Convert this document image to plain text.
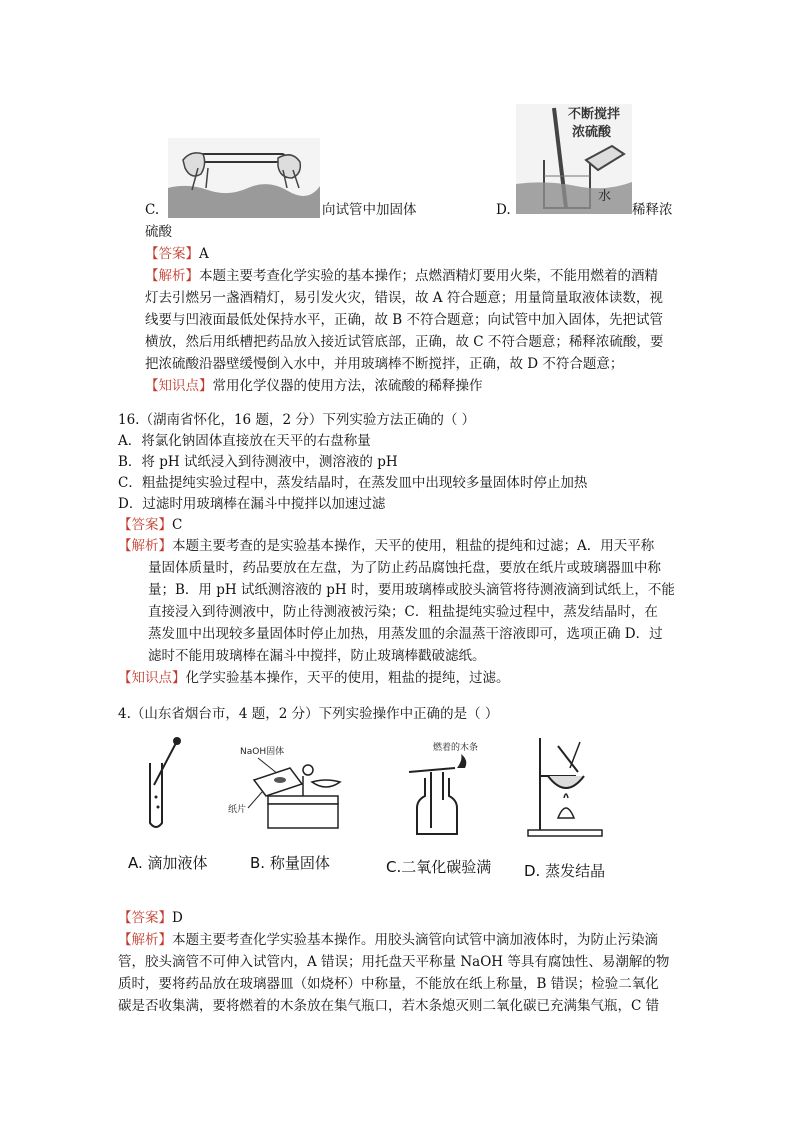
C.	向试管中加固体
不断搅拌
浓硫酸
水
D.	稀释浓
硫酸
【答案】A
【解析】本题主要考查化学实验的基本操作；点燃酒精灯要用火柴，不能用燃着的酒精
灯去引燃另一盏酒精灯，易引发火灾，错误，故 A 符合题意；用量筒量取液体读数，视
线要与凹液面最低处保持水平，正确，故 B 不符合题意；向试管中加入固体，先把试管
横放，然后用纸槽把药品放入接近试管底部，正确，故 C 不符合题意；稀释浓硫酸，要
把浓硫酸沿器壁缓慢倒入水中，并用玻璃棒不断搅拌，正确，故 D 不符合题意；
【知识点】常用化学仪器的使用方法，浓硫酸的稀释操作
16.（湖南省怀化，16 题，2 分）下列实验方法正确的（ ）
A．将氯化钠固体直接放在天平的右盘称量
B．将 pH 试纸浸入到待测液中，测溶液的 pH
C．粗盐提纯实验过程中，蒸发结晶时，在蒸发皿中出现较多量固体时停止加热
D．过滤时用玻璃棒在漏斗中搅拌以加速过滤
【答案】C
【解析】本题主要考查的是实验基本操作，天平的使用，粗盐的提纯和过滤；A．用天平称
量固体质量时，药品要放在左盘，为了防止药品腐蚀托盘，要放在纸片或玻璃器皿中称
量；B．用 pH 试纸测溶液的 pH 时，要用玻璃棒或胶头滴管将待测液滴到试纸上，不能
直接浸入到待测液中，防止待测液被污染；C．粗盐提纯实验过程中，蒸发结晶时，在
蒸发皿中出现较多量固体时停止加热，用蒸发皿的余温蒸干溶液即可，选项正确 D．过
滤时不能用玻璃棒在漏斗中搅拌，防止玻璃棒戳破滤纸。
【知识点】化学实验基本操作，天平的使用，粗盐的提纯，过滤。
4.（山东省烟台市，4 题，2 分）下列实验操作中正确的是（ ）
A. 滴加液体
NaOH固体
纸片
B. 称量固体
燃着的木条
C.二氧化碳验满 D. 蒸发结晶
【答案】D
【解析】本题主要考查化学实验基本操作。用胶头滴管向试管中滴加液体时，为防止污染滴
管，胶头滴管不可伸入试管内，A 错误；用托盘天平称量 NaOH 等具有腐蚀性、易潮解的物
质时，要将药品放在玻璃器皿（如烧杯）中称量，不能放在纸上称量，B 错误；检验二氧化
碳是否收集满，要将燃着的木条放在集气瓶口，若木条熄灭则二氧化碳已充满集气瓶，C 错
